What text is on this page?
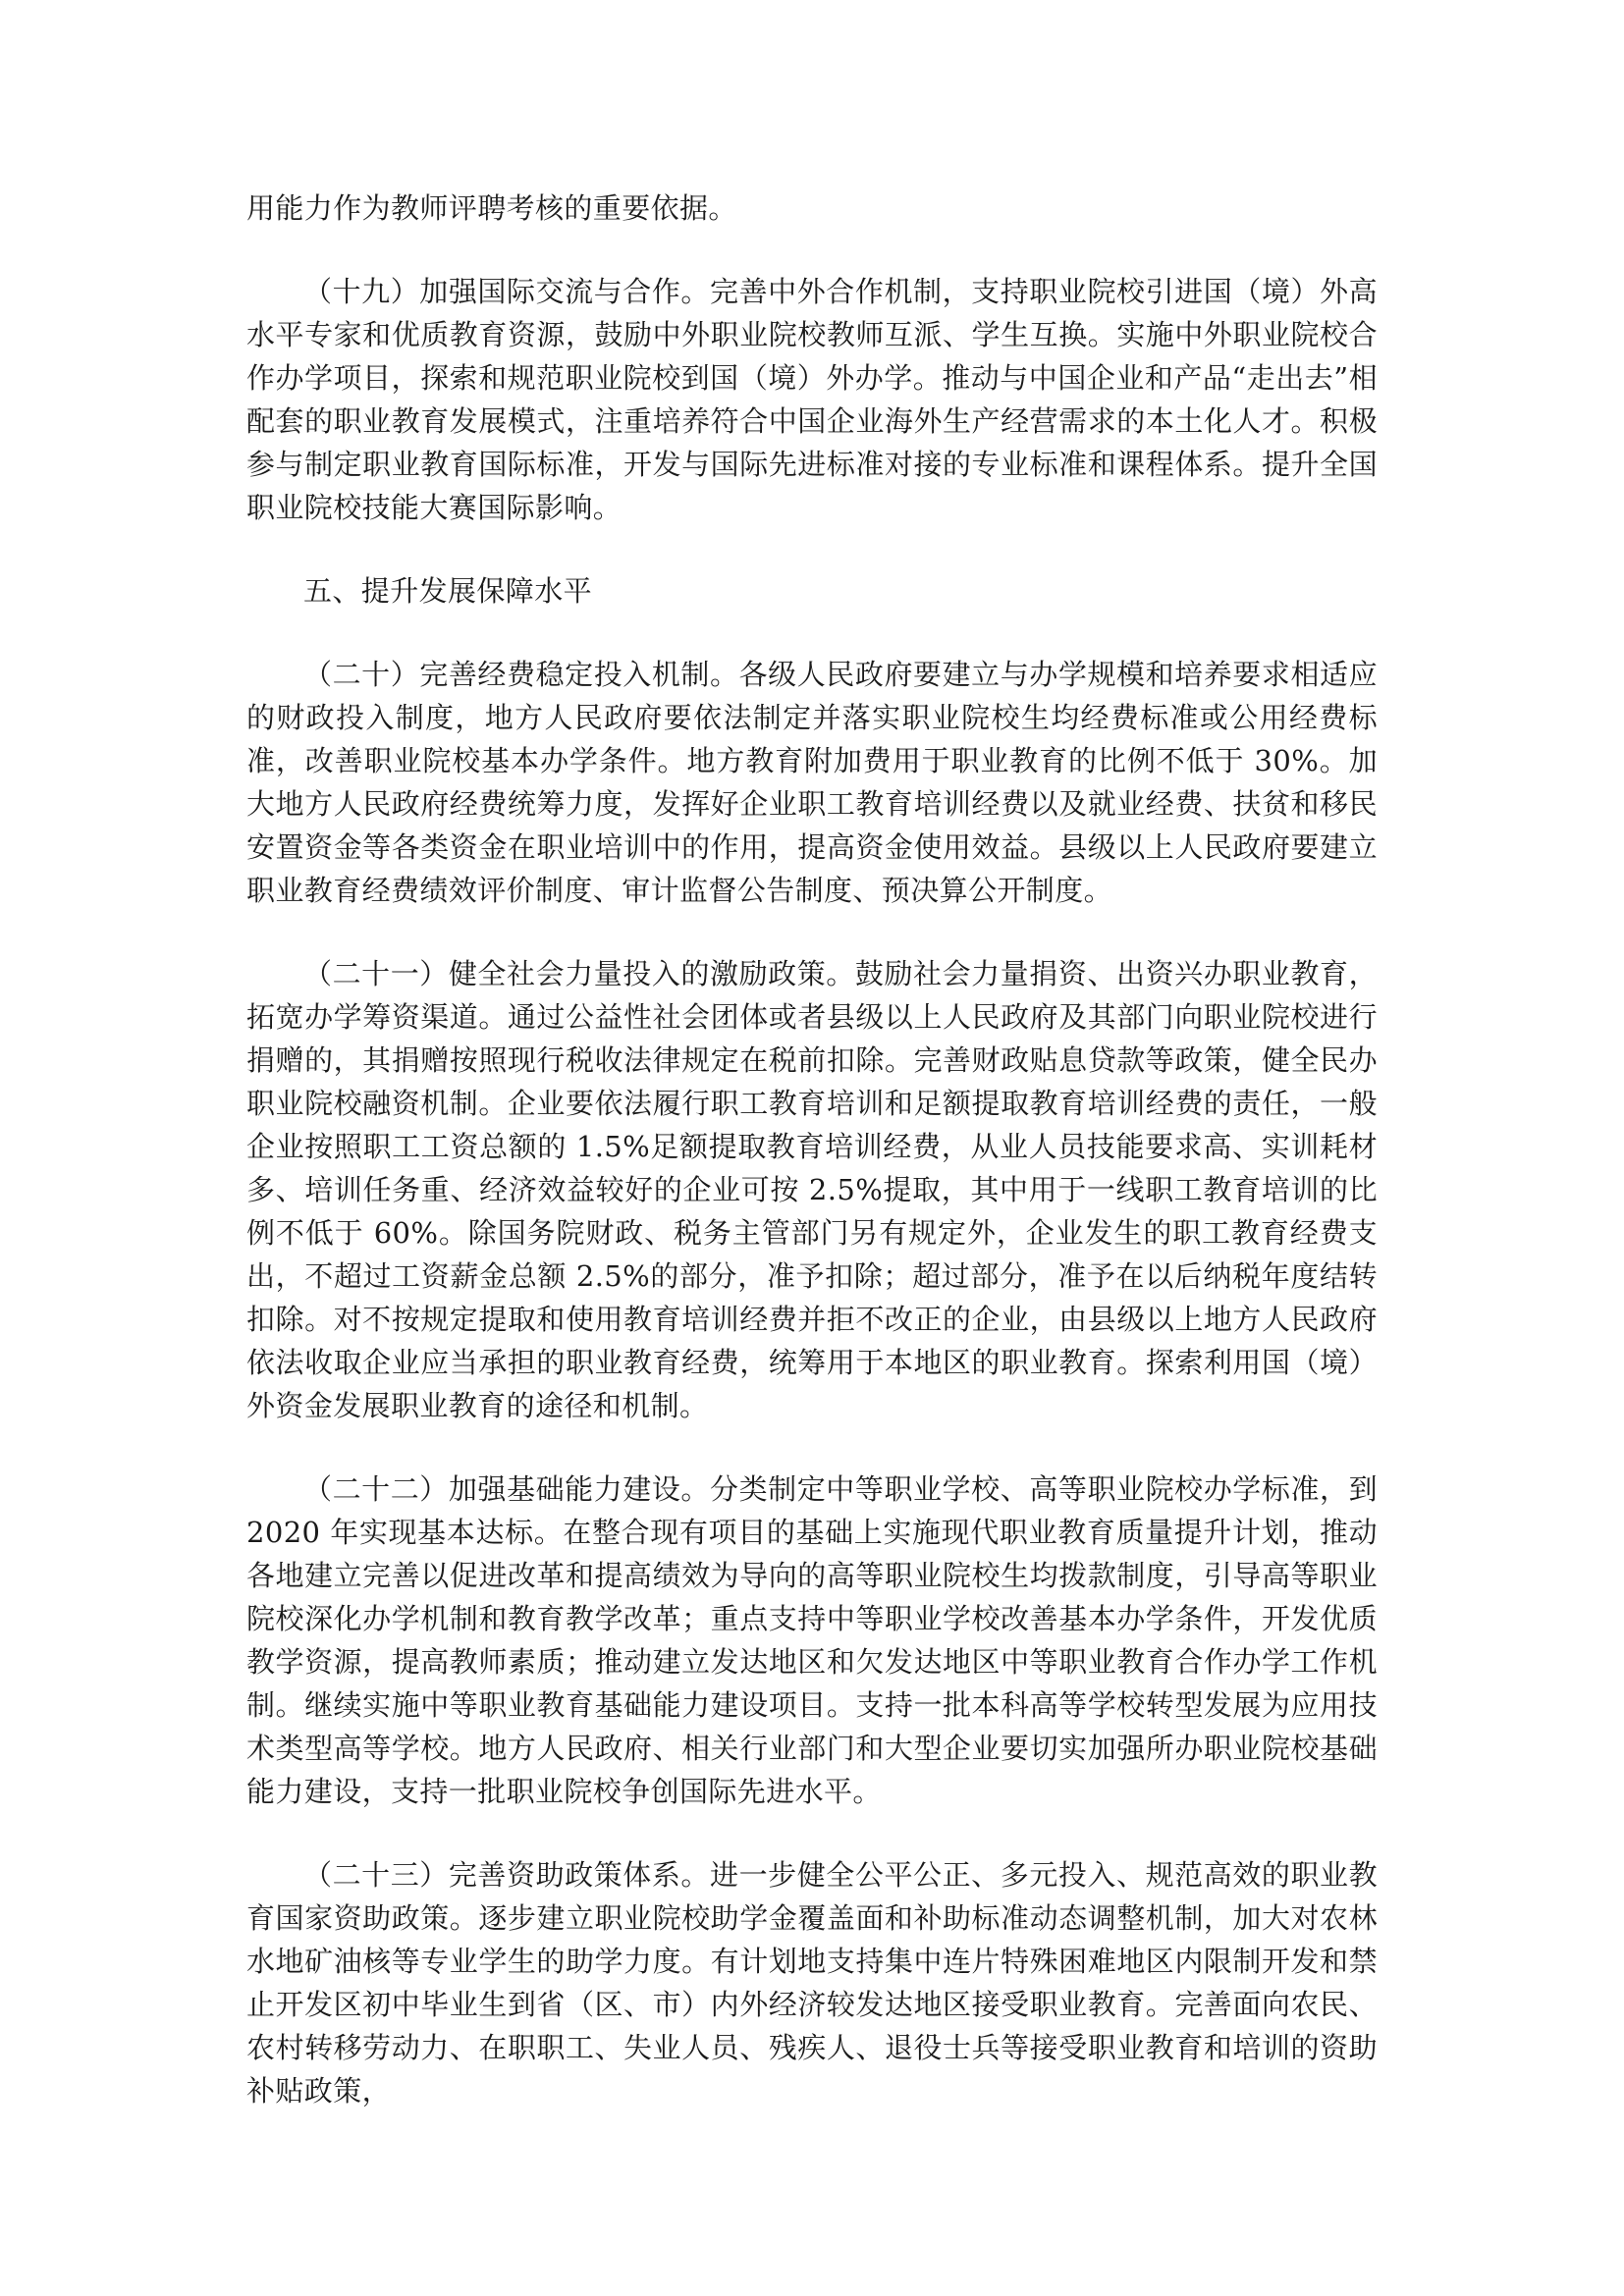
用能力作为教师评聘考核的重要依据。

（十九）加强国际交流与合作。完善中外合作机制，支持职业院校引进国（境）外高水平专家和优质教育资源，鼓励中外职业院校教师互派、学生互换。实施中外职业院校合作办学项目，探索和规范职业院校到国（境）外办学。推动与中国企业和产品“走出去”相配套的职业教育发展模式，注重培养符合中国企业海外生产经营需求的本土化人才。积极参与制定职业教育国际标准，开发与国际先进标准对接的专业标准和课程体系。提升全国职业院校技能大赛国际影响。

五、提升发展保障水平

（二十）完善经费稳定投入机制。各级人民政府要建立与办学规模和培养要求相适应的财政投入制度，地方人民政府要依法制定并落实职业院校生均经费标准或公用经费标准，改善职业院校基本办学条件。地方教育附加费用于职业教育的比例不低于 30%。加大地方人民政府经费统筹力度，发挥好企业职工教育培训经费以及就业经费、扶贫和移民安置资金等各类资金在职业培训中的作用，提高资金使用效益。县级以上人民政府要建立职业教育经费绩效评价制度、审计监督公告制度、预决算公开制度。

（二十一）健全社会力量投入的激励政策。鼓励社会力量捐资、出资兴办职业教育，拓宽办学筹资渠道。通过公益性社会团体或者县级以上人民政府及其部门向职业院校进行捐赠的，其捐赠按照现行税收法律规定在税前扣除。完善财政贴息贷款等政策，健全民办职业院校融资机制。企业要依法履行职工教育培训和足额提取教育培训经费的责任，一般企业按照职工工资总额的 1.5%足额提取教育培训经费，从业人员技能要求高、实训耗材多、培训任务重、经济效益较好的企业可按 2.5%提取，其中用于一线职工教育培训的比例不低于 60%。除国务院财政、税务主管部门另有规定外，企业发生的职工教育经费支出，不超过工资薪金总额 2.5%的部分，准予扣除；超过部分，准予在以后纳税年度结转扣除。对不按规定提取和使用教育培训经费并拒不改正的企业，由县级以上地方人民政府依法收取企业应当承担的职业教育经费，统筹用于本地区的职业教育。探索利用国（境）外资金发展职业教育的途径和机制。

（二十二）加强基础能力建设。分类制定中等职业学校、高等职业院校办学标准，到 2020 年实现基本达标。在整合现有项目的基础上实施现代职业教育质量提升计划，推动各地建立完善以促进改革和提高绩效为导向的高等职业院校生均拨款制度，引导高等职业院校深化办学机制和教育教学改革；重点支持中等职业学校改善基本办学条件，开发优质教学资源，提高教师素质；推动建立发达地区和欠发达地区中等职业教育合作办学工作机制。继续实施中等职业教育基础能力建设项目。支持一批本科高等学校转型发展为应用技术类型高等学校。地方人民政府、相关行业部门和大型企业要切实加强所办职业院校基础能力建设，支持一批职业院校争创国际先进水平。

（二十三）完善资助政策体系。进一步健全公平公正、多元投入、规范高效的职业教育国家资助政策。逐步建立职业院校助学金覆盖面和补助标准动态调整机制，加大对农林水地矿油核等专业学生的助学力度。有计划地支持集中连片特殊困难地区内限制开发和禁止开发区初中毕业生到省（区、市）内外经济较发达地区接受职业教育。完善面向农民、农村转移劳动力、在职职工、失业人员、残疾人、退役士兵等接受职业教育和培训的资助补贴政策，
